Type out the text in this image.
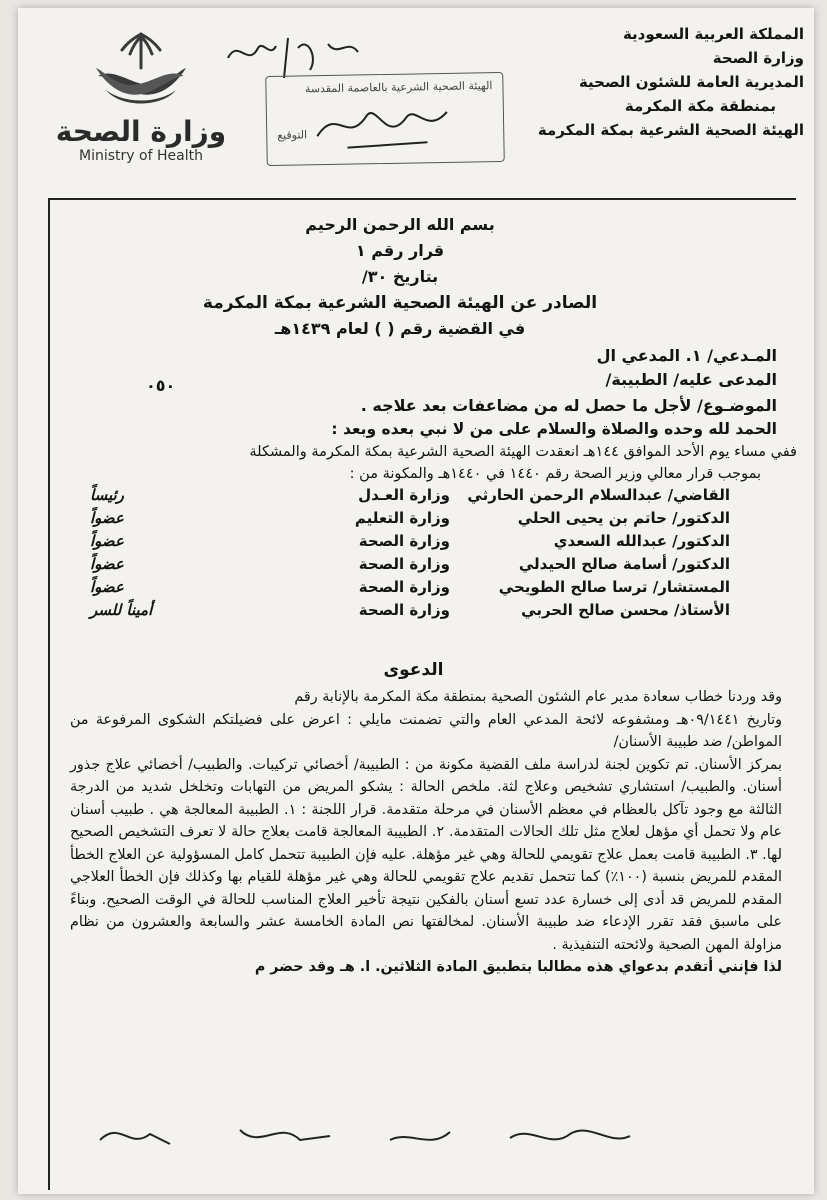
وزارة الصحة
Ministry of Health
الهيئة الصحية الشرعية بالعاصمة المقدسة
التوقيع
المملكة العربية السعودية
وزارة الصحة
المديرية العامة للشئون الصحية
بمنطقة مكة المكرمة
الهيئة الصحية الشرعية بمكة المكرمة
بسم الله الرحمن الرحيم
قرار رقم ١
بتاريخ ٣٠/
الصادر عن الهيئة الصحية الشرعية بمكة المكرمة
في القضية رقم ( ) لعام ١٤٣٩هـ
المـدعي/ ١. المدعي ال
المدعى عليه/ الطبيبة/
٠٥٠
الموضـوع/ لأجل ما حصل له من مضاعفات بعد علاجه .
الحمد لله وحده والصلاة والسلام على من لا نبي بعده وبعد :
ففي مساء يوم الأحد الموافق ١٤٤هـ انعقدت الهيئة الصحية الشرعية بمكة المكرمة والمشكلة
بموجب قرار معالي وزير الصحة رقم ١٤٤٠ في ١٤٤٠هـ والمكونة من :
القاضي/ عبدالسلام الرحمن الحارثي
وزارة العـدل
رئيساً
الدكتور/ حاتم بن يحيى الحلي
وزارة التعليم
عضواً
الدكتور/ عبدالله السعدي
وزارة الصحة
عضواً
الدكتور/ أسامة صالح الحيدلي
وزارة الصحة
عضواً
المستشار/ ترسا صالح الطويحي
وزارة الصحة
عضواً
الأستاذ/ محسن صالح الحربي
وزارة الصحة
أميناً للسر
الدعوى

وقد وردنا خطاب سعادة مدير عام الشئون الصحية بمنطقة مكة المكرمة بالإنابة رقم

وتاريخ ٠٩/١٤٤١هـ ومشفوعه لائحة المدعي العام والتي تضمنت مايلي : اعرض على فضيلتكم الشكوى المرفوعة من المواطن/ ضد طبيبة الأسنان/

بمركز الأسنان. تم تكوين لجنة لدراسة ملف القضية مكونة من : الطبيبة/ أخصائي تركيبات. والطبيب/ أخصائي علاج جذور أسنان. والطبيب/ استشاري تشخيص وعلاج لثة. ملخص الحالة : يشكو المريض من التهابات وتخلخل شديد من الدرجة الثالثة مع وجود تآكل بالعظام في معظم الأسنان في مرحلة متقدمة. قرار اللجنة : ١. الطبيبة المعالجة هي . طبيب أسنان عام ولا تحمل أي مؤهل لعلاج مثل تلك الحالات المتقدمة. ٢. الطبيبة المعالجة قامت بعلاج حالة لا تعرف التشخيص الصحيح لها. ٣. الطبيبة قامت بعمل علاج تقويمي للحالة وهي غير مؤهلة. عليه فإن الطبيبة تتحمل كامل المسؤولية عن العلاج الخطأ المقدم للمريض بنسبة (١٠٠٪) كما تتحمل تقديم علاج تقويمي للحالة وهي غير مؤهلة للقيام بها وكذلك فإن الخطأ العلاجي المقدم للمريض قد أدى إلى خسارة عدد تسع أسنان بالفكين نتيجة تأخير العلاج المناسب للحالة في الوقت الصحيح. وبناءً على ماسبق فقد تقرر الإدعاء ضد طبيبة الأسنان. لمخالفتها نص المادة الخامسة عشر والسابعة والعشرون من نظام مزاولة المهن الصحية ولائحته التنفيذية .

لذا فإنني أتقدم بدعواي هذه مطالبا بتطبيق المادة الثلاثين. ا. هـ وقد حضر م
